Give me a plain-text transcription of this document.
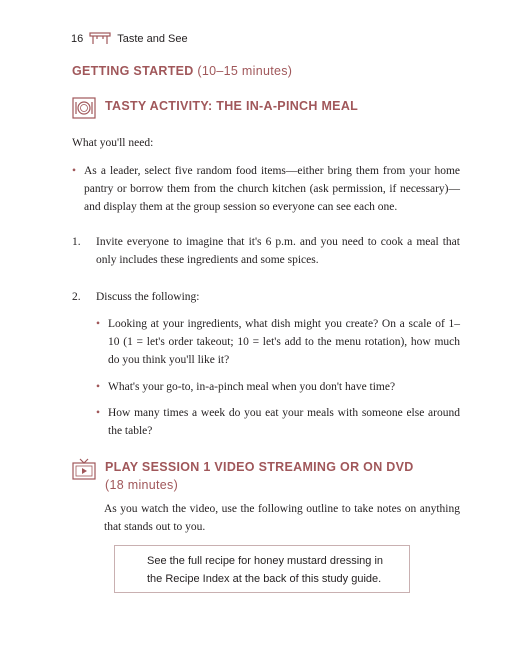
16	Taste and See
GETTING STARTED (10–15 minutes)
TASTY ACTIVITY: THE IN-A-PINCH MEAL
What you'll need:
• As a leader, select five random food items—either bring them from your home pantry or borrow them from the church kitchen (ask permission, if necessary)—and display them at the group session so everyone can see each one.
1. Invite everyone to imagine that it's 6 p.m. and you need to cook a meal that only includes these ingredients and some spices.
2. Discuss the following:
• Looking at your ingredients, what dish might you create? On a scale of 1–10 (1 = let's order takeout; 10 = let's add to the menu rotation), how much do you think you'll like it?
• What's your go-to, in-a-pinch meal when you don't have time?
• How many times a week do you eat your meals with someone else around the table?
PLAY SESSION 1 VIDEO STREAMING OR ON DVD
(18 minutes)
As you watch the video, use the following outline to take notes on anything that stands out to you.
See the full recipe for honey mustard dressing in
the Recipe Index at the back of this study guide.
